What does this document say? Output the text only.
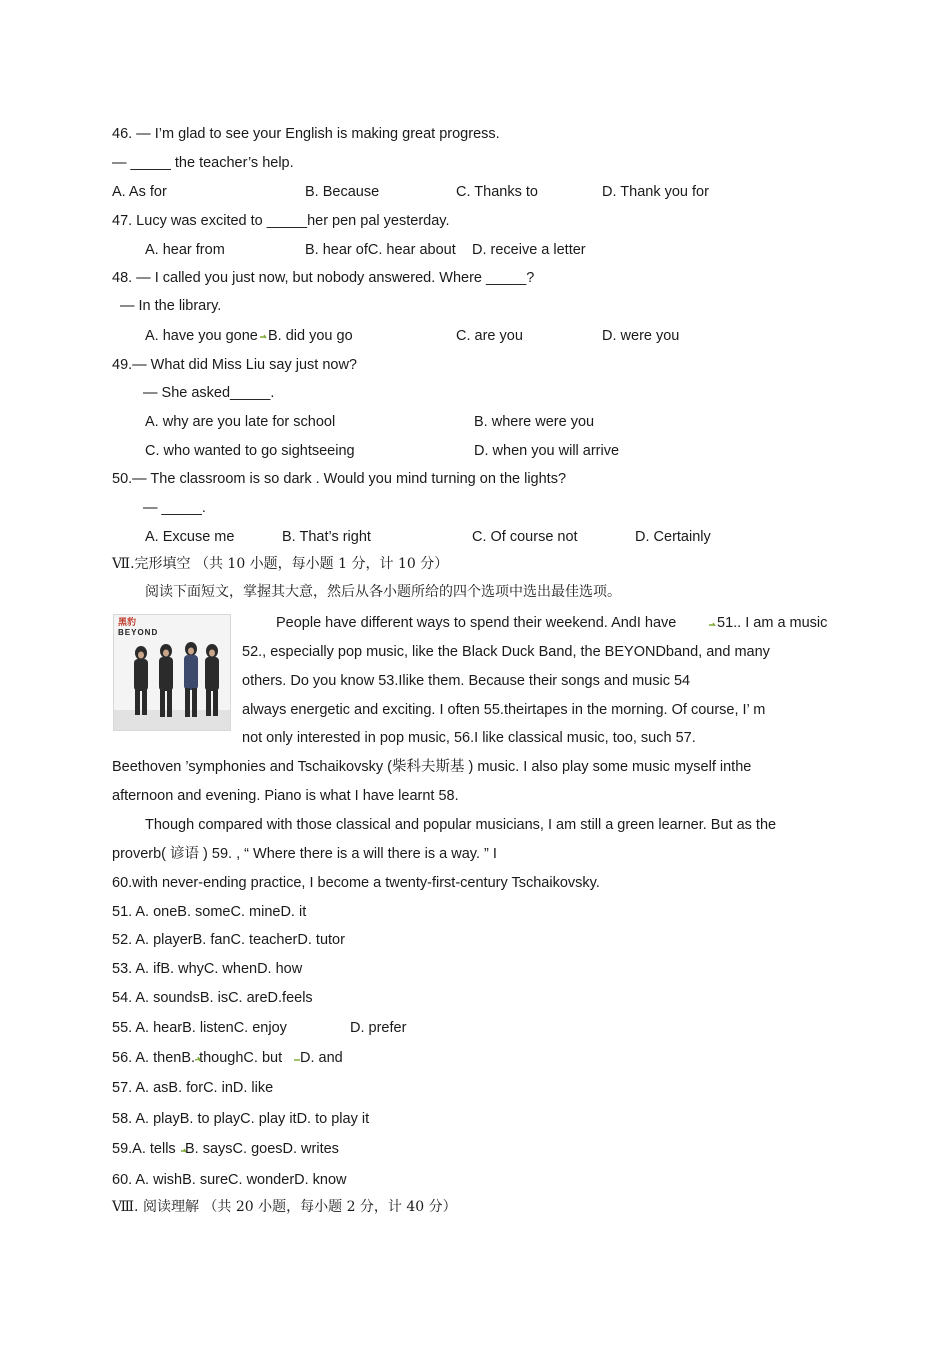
46. — I’m glad to see your English is making great progress.
— _____ the teacher’s help.
A. As for	B. Because	C. Thanks to	D. Thank you for
47. Lucy was excited to _____her pen pal yesterday.
A. hear from	B. hear ofC. hear about D. receive a letter
48. — I called you just now, but nobody answered. Where _____?
— In the library.
A. have you gone B. did you go	C. are you	D. were you
49.— What did Miss Liu say just now?
— She asked_____.
A. why are you late for school	B. where were you
C. who wanted to go sightseeing	D. when you will arrive
50.— The classroom is so dark . Would you mind turning on the lights?
— _____.
A. Excuse me	B. That’s right	C. Of course not	D. Certainly
Ⅶ.完形填空 （共 10 小题，每小题 1 分，计 10 分）
阅读下面短文，掌握其大意，然后从各小题所给的四个选项中选出最佳选项。
黑豹
BEYOND
People have different ways to spend their weekend. AndI have	51.. I am a music
52., especially pop music, like the Black Duck Band, the BEYONDband, and many
others. Do you know 53.Ilike them. Because their songs and music 54
always energetic and exciting. I often 55.theirtapes in the morning. Of course, I’ m
not only interested in pop music, 56.I like classical music, too, such 57.
Beethoven ’symphonies and Tschaikovsky (柴科夫斯基 ) music. I also play some music myself inthe
afternoon and evening. Piano is what I have learnt 58.
Though compared with those classical and popular musicians, I am still a green learner. But as the
proverb( 谚语 ) 59. , “ Where there is a will there is a way. ” I
60.with never-ending practice, I become a twenty-first-century Tschaikovsky.
51. A. oneB. someC. mineD. it
52. A. playerB. fanC. teacherD. tutor
53. A. ifB. whyC. whenD. how
54. A. soundsB. isC. areD.feels
55. A. hearB. listenC. enjoy	D. prefer
56. A. thenB. thoughC. but D. and
57. A. asB. forC. inD. like
58. A. playB. to playC. play itD. to play it
59.A. tells B. saysC. goesD. writes
60. A. wishB. sureC. wonderD. know
Ⅷ. 阅读理解 （共 20 小题，每小题 2 分，计 40 分）
